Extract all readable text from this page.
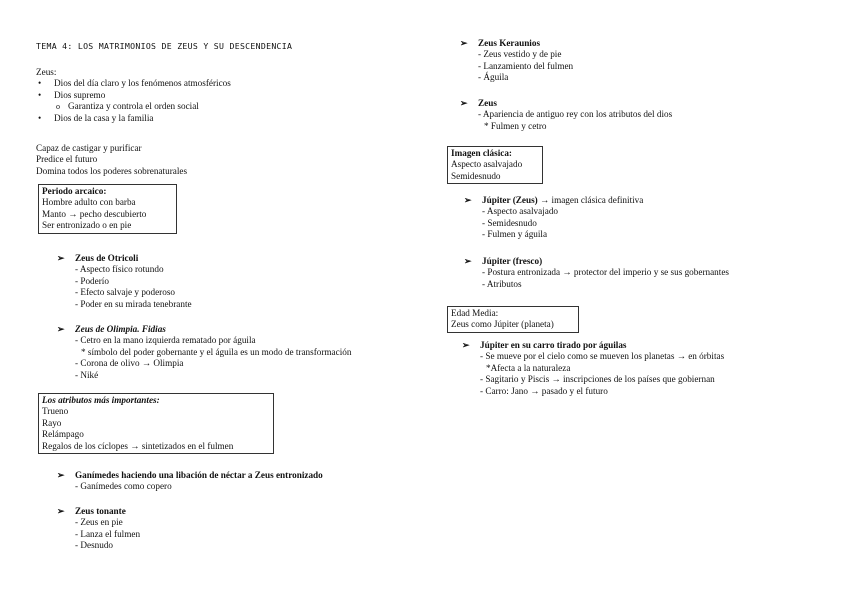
TEMA 4: LOS MATRIMONIOS DE ZEUS Y SU DESCENDENCIA
Zeus:
• Dios del día claro y los fenómenos atmosféricos
• Dios supremo
o Garantiza y controla el orden social
• Dios de la casa y la familia
Capaz de castigar y purificar
Predice el futuro
Domina todos los poderes sobrenaturales
Periodo arcaico:
Hombre adulto con barba
Manto → pecho descubierto
Ser entronizado o en pie
➢ Zeus de Otricoli
- Aspecto físico rotundo
- Poderío
- Efecto salvaje y poderoso
- Poder en su mirada tenebrante
➢ Zeus de Olimpia. Fidias
- Cetro en la mano izquierda rematado por águila
* símbolo del poder gobernante y el águila es un modo de transformación
- Corona de olivo → Olimpia
- Niké
Los atributos más importantes:
Trueno
Rayo
Relámpago
Regalos de los cíclopes → sintetizados en el fulmen
➢ Ganímedes haciendo una libación de néctar a Zeus entronizado
- Ganímedes como copero
➢ Zeus tonante
- Zeus en pie
- Lanza el fulmen
- Desnudo
➢ Zeus Keraunios
- Zeus vestido y de pie
- Lanzamiento del fulmen
- Águila
➢ Zeus
- Apariencia de antiguo rey con los atributos del dios
* Fulmen y cetro
Imagen clásica:
Aspecto asalvajado
Semidesnudo
➢ Júpiter (Zeus) → imagen clásica definitiva
- Aspecto asalvajado
- Semidesnudo
- Fulmen y águila
➢ Júpiter (fresco)
- Postura entronizada → protector del imperio y se sus gobernantes
- Atributos
Edad Media:
Zeus como Júpiter (planeta)
➢ Júpiter en su carro tirado por águilas
- Se mueve por el cielo como se mueven los planetas → en órbitas
*Afecta a la naturaleza
- Sagitario y Piscis → inscripciones de los países que gobiernan
- Carro: Jano → pasado y el futuro
